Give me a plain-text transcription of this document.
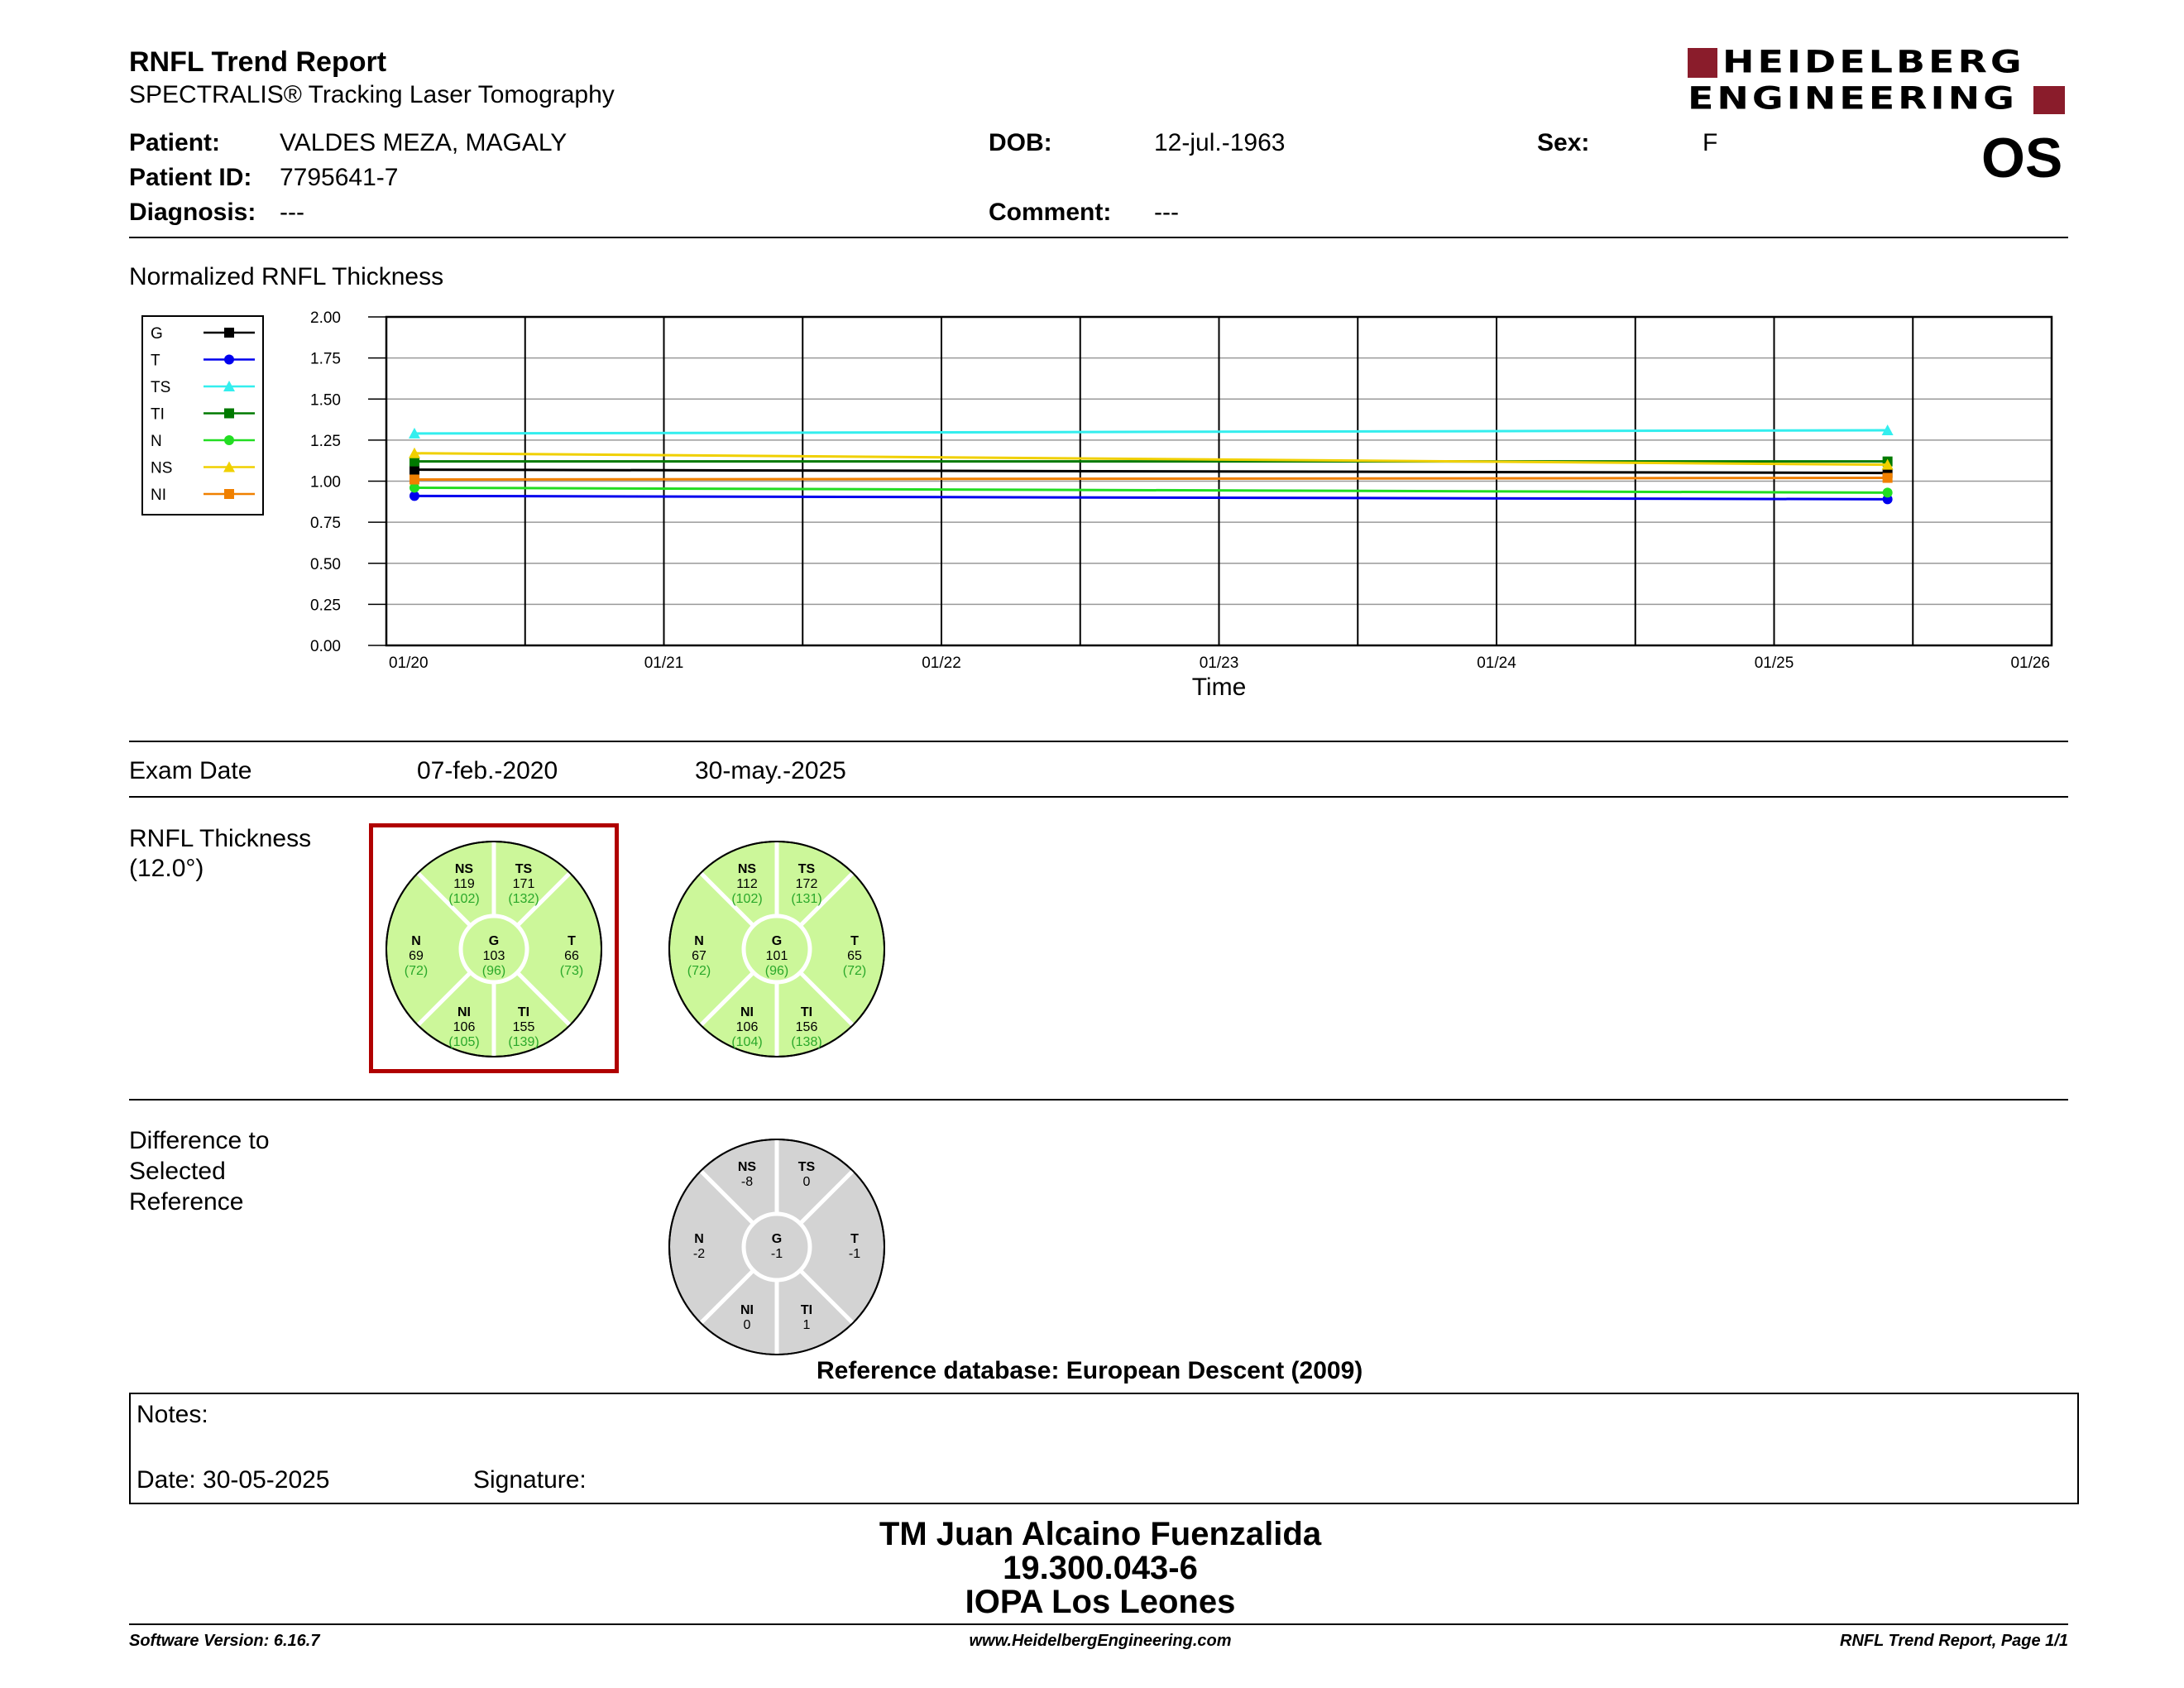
RNFL Trend Report
SPECTRALIS® Tracking Laser Tomography
HEIDELBERG
ENGINEERING
OS
Patient: VALDES MEZA, MAGALY
Patient ID: 7795641-7
Diagnosis: ---
DOB:	12-jul.-1963
Comment: ---
Sex:	F
Normalized RNFL Thickness
0.00
0.25
0.50
0.75
1.00
1.25
1.50
1.75
2.00
01/20	01/21	01/22	01/23	01/24	01/25	01/26
Time
G
T
TS
TI
N
NS
NI
Exam Date	07-feb.-2020	30-may.-2025
RNFL Thickness
(12.0°)	NS
119
(102)
TS
171
(132)
N
69
(72)
G
103
(96)
T
66
(73)
NI
106
(105)
TI
155
(139)
NS
112
(102)
TS
172
(131)
N
67
(72)
G
101
(96)
T
65
(72)
NI
106
(104)
TI
156
(138)
NS
-8
TS
0
N
-2
G
-1
T
-1
NI
0
TI
1
Difference to
Selected
Reference
Reference database: European Descent (2009)
Notes:
Date: 30-05-2025	Signature:
TM Juan Alcaino Fuenzalida
19.300.043-6
IOPA Los Leones
Software Version: 6.16.7	www.HeidelbergEngineering.com	RNFL Trend Report, Page 1/1
